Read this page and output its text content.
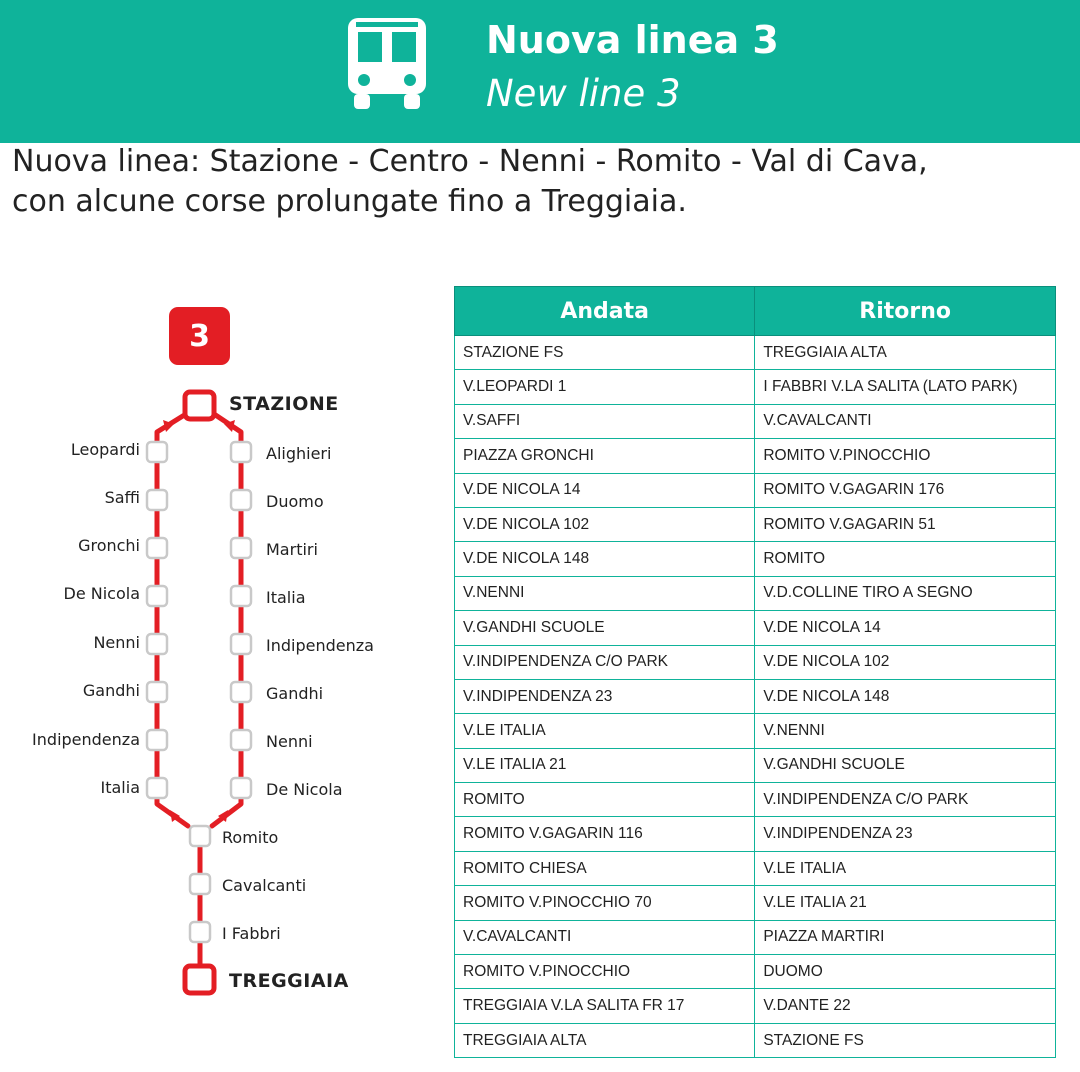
Nuova linea 3
New line 3
Nuova linea: Stazione - Centro - Nenni - Romito - Val di Cava,
con alcune corse prolungate fino a Treggiaia.
3
STAZIONE
TREGGIAIA
Leopardi
Saffi
Gronchi
De Nicola
Nenni
Gandhi
Indipendenza
Italia
Alighieri
Duomo
Martiri
Italia
Indipendenza
Gandhi
Nenni
De Nicola
Romito
Cavalcanti
I Fabbri
Andata	Ritorno
STAZIONE FS	TREGGIAIA ALTA
V.LEOPARDI 1	I FABBRI V.LA SALITA (LATO PARK)
V.SAFFI	V.CAVALCANTI
PIAZZA GRONCHI	ROMITO V.PINOCCHIO
V.DE NICOLA 14	ROMITO V.GAGARIN 176
V.DE NICOLA 102	ROMITO V.GAGARIN 51
V.DE NICOLA 148	ROMITO
V.NENNI	V.D.COLLINE TIRO A SEGNO
V.GANDHI SCUOLE	V.DE NICOLA 14
V.INDIPENDENZA C/O PARK	V.DE NICOLA 102
V.INDIPENDENZA 23	V.DE NICOLA 148
V.LE ITALIA	V.NENNI
V.LE ITALIA 21	V.GANDHI SCUOLE
ROMITO	V.INDIPENDENZA C/O PARK
ROMITO V.GAGARIN 116	V.INDIPENDENZA 23
ROMITO CHIESA	V.LE ITALIA
ROMITO V.PINOCCHIO 70	V.LE ITALIA 21
V.CAVALCANTI	PIAZZA MARTIRI
ROMITO V.PINOCCHIO	DUOMO
TREGGIAIA V.LA SALITA FR 17	V.DANTE 22
TREGGIAIA ALTA	STAZIONE FS
